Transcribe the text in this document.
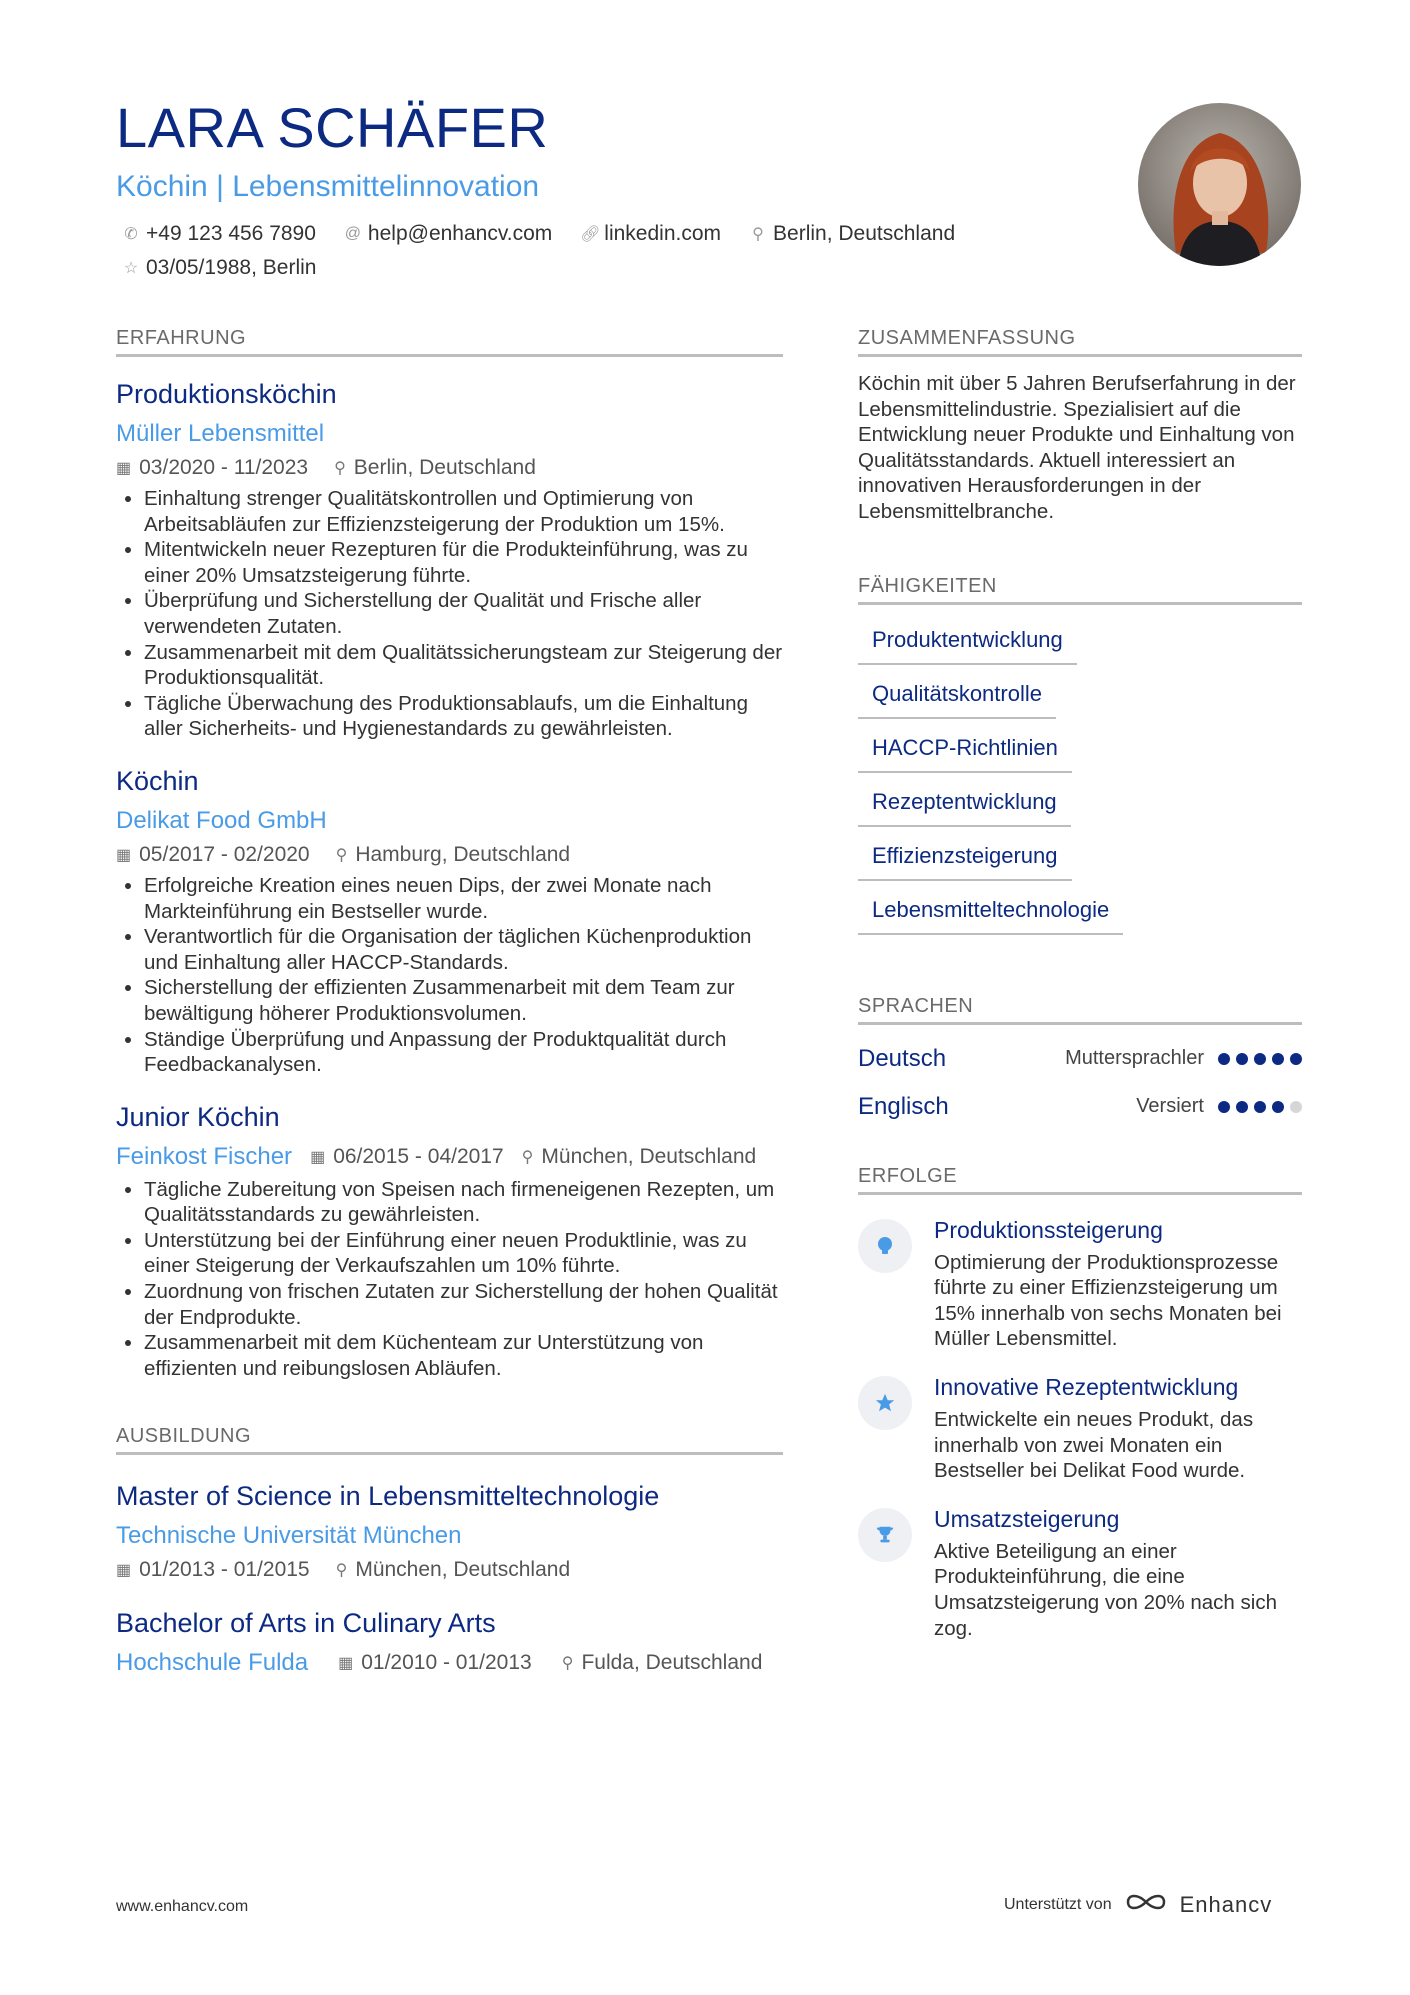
LARA SCHÄFER
Köchin | Lebensmittelinnovation
✆ +49 123 456 7890 @ help@enhancv.com 🔗︎ linkedin.com ⚲ Berlin, Deutschland
☆ 03/05/1988, Berlin
ERFAHRUNG
Produktionsköchin
Müller Lebensmittel
▦ 03/2020 - 11/2023 ⚲ Berlin, Deutschland
• Einhaltung strenger Qualitätskontrollen und Optimierung von Arbeitsabläufen zur Effizienzsteigerung der Produktion um 15%.
• Mitentwickeln neuer Rezepturen für die Produkteinführung, was zu einer 20% Umsatzsteigerung führte.
• Überprüfung und Sicherstellung der Qualität und Frische aller verwendeten Zutaten.
• Zusammenarbeit mit dem Qualitätssicherungsteam zur Steigerung der Produktionsqualität.
• Tägliche Überwachung des Produktionsablaufs, um die Einhaltung aller Sicherheits- und Hygienestandards zu gewährleisten.
Köchin
Delikat Food GmbH
▦ 05/2017 - 02/2020 ⚲ Hamburg, Deutschland
• Erfolgreiche Kreation eines neuen Dips, der zwei Monate nach Markteinführung ein Bestseller wurde.
• Verantwortlich für die Organisation der täglichen Küchenproduktion und Einhaltung aller HACCP-Standards.
• Sicherstellung der effizienten Zusammenarbeit mit dem Team zur bewältigung höherer Produktionsvolumen.
• Ständige Überprüfung und Anpassung der Produktqualität durch Feedbackanalysen.
Junior Köchin
Feinkost Fischer ▦ 06/2015 - 04/2017 ⚲ München, Deutschland
• Tägliche Zubereitung von Speisen nach firmeneigenen Rezepten, um Qualitätsstandards zu gewährleisten.
• Unterstützung bei der Einführung einer neuen Produktlinie, was zu einer Steigerung der Verkaufszahlen um 10% führte.
• Zuordnung von frischen Zutaten zur Sicherstellung der hohen Qualität der Endprodukte.
• Zusammenarbeit mit dem Küchenteam zur Unterstützung von effizienten und reibungslosen Abläufen.
AUSBILDUNG
Master of Science in Lebensmitteltechnologie
Technische Universität München
▦ 01/2013 - 01/2015 ⚲ München, Deutschland
Bachelor of Arts in Culinary Arts
Hochschule Fulda ▦ 01/2010 - 01/2013 ⚲ Fulda, Deutschland
ZUSAMMENFASSUNG
Köchin mit über 5 Jahren Berufserfahrung in der Lebensmittelindustrie. Spezialisiert auf die Entwicklung neuer Produkte und Einhaltung von Qualitätsstandards. Aktuell interessiert an innovativen Herausforderungen in der Lebensmittelbranche.
FÄHIGKEITEN
Produktentwicklung
Qualitätskontrolle
HACCP-Richtlinien
Rezeptentwicklung
Effizienzsteigerung
Lebensmitteltechnologie
SPRACHEN
Deutsch	Muttersprachler
Englisch	Versiert
ERFOLGE
Produktionssteigerung
Optimierung der Produktionsprozesse führte zu einer Effizienzsteigerung um 15% innerhalb von sechs Monaten bei Müller Lebensmittel.
Innovative Rezeptentwicklung
Entwickelte ein neues Produkt, das innerhalb von zwei Monaten ein Bestseller bei Delikat Food wurde.
Umsatzsteigerung
Aktive Beteiligung an einer Produkteinführung, die eine Umsatzsteigerung von 20% nach sich zog.
www.enhancv.com	Unterstützt von	Enhancv
